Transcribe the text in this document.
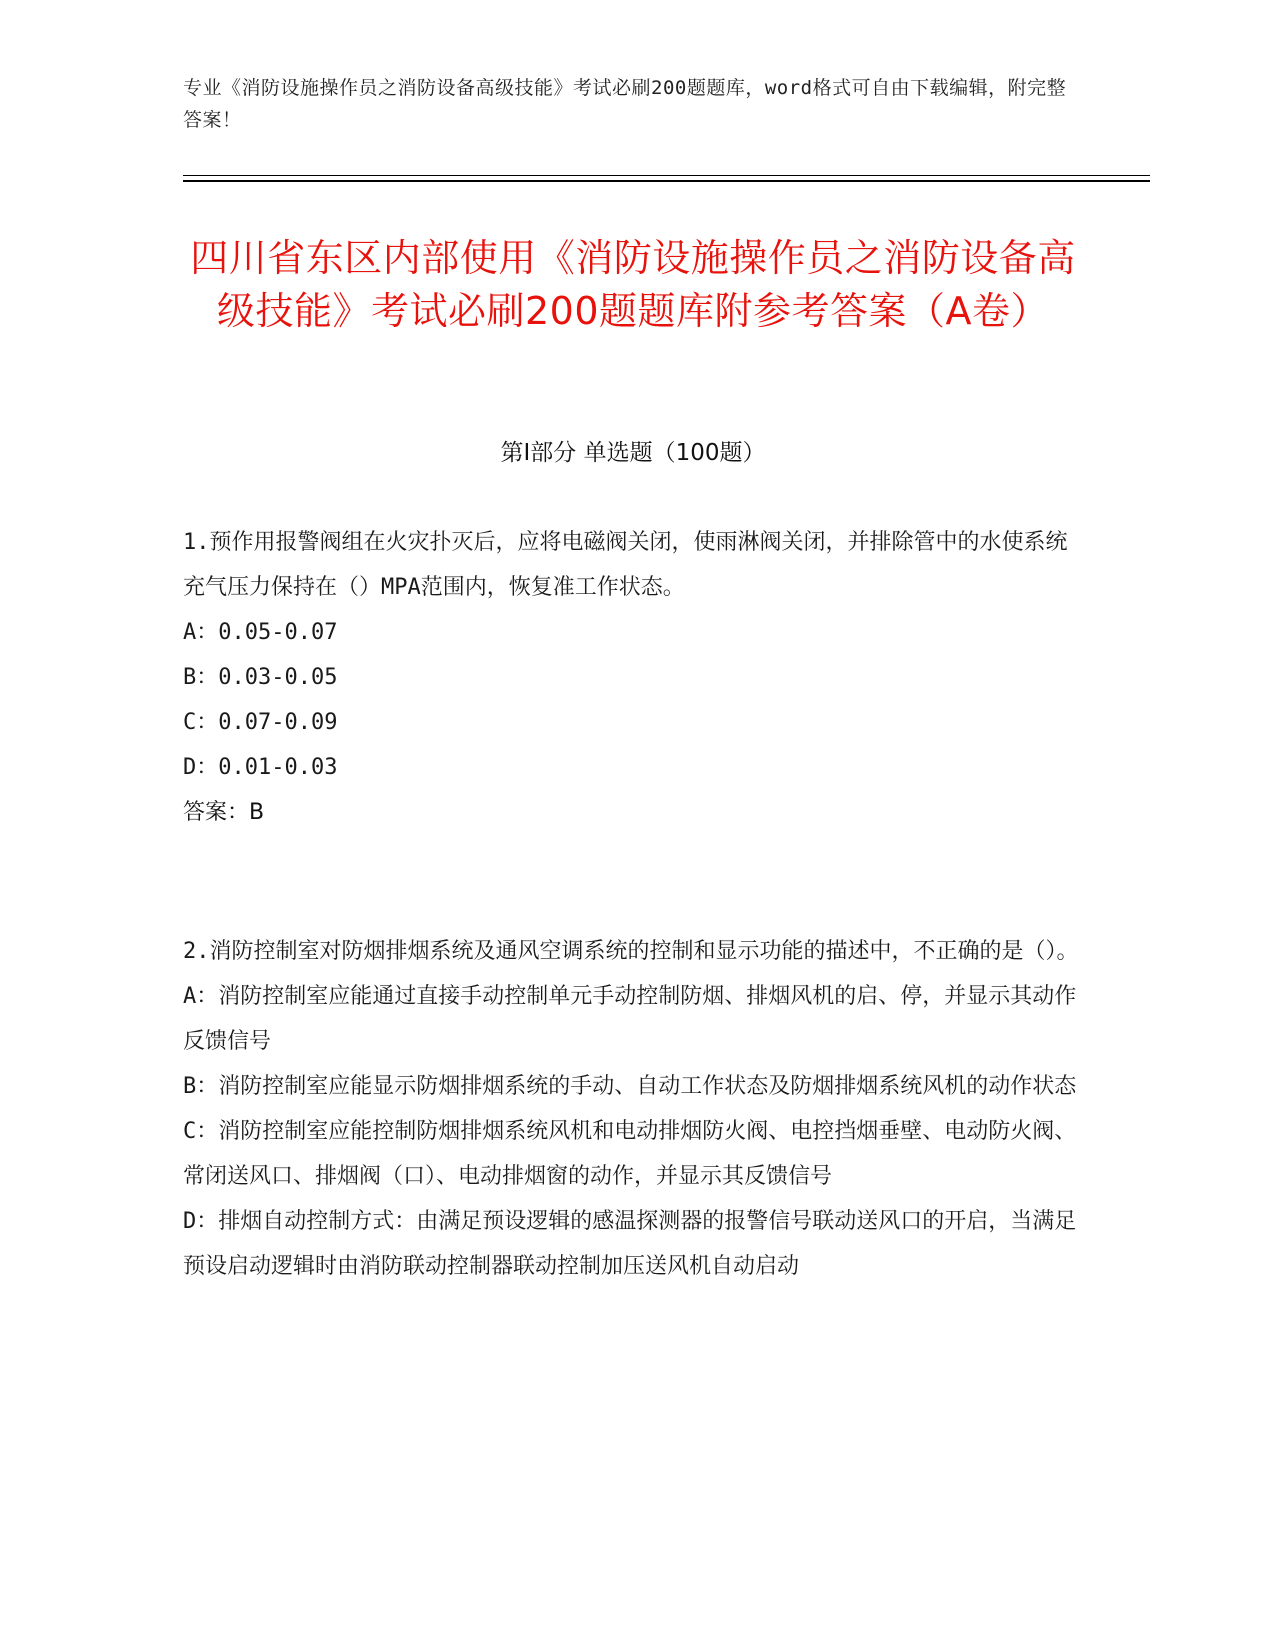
专业《消防设施操作员之消防设备高级技能》考试必刷200题题库，word格式可自由下载编辑，附完整答案！
四川省东区内部使用《消防设施操作员之消防设备高级技能》考试必刷200题题库附参考答案（A卷）
第Ⅰ部分 单选题（100题）

1.预作用报警阀组在火灾扑灭后，应将电磁阀关闭，使雨淋阀关闭，并排除管中的水使系统充气压力保持在（）MPA范围内，恢复准工作状态。

A：0.05-0.07

B：0.03-0.05

C：0.07-0.09

D：0.01-0.03

答案：B

2.消防控制室对防烟排烟系统及通风空调系统的控制和显示功能的描述中，不正确的是（）。

A：消防控制室应能通过直接手动控制单元手动控制防烟、排烟风机的启、停，并显示其动作反馈信号

B：消防控制室应能显示防烟排烟系统的手动、自动工作状态及防烟排烟系统风机的动作状态

C：消防控制室应能控制防烟排烟系统风机和电动排烟防火阀、电控挡烟垂壁、电动防火阀、常闭送风口、排烟阀（口）、电动排烟窗的动作，并显示其反馈信号

D：排烟自动控制方式：由满足预设逻辑的感温探测器的报警信号联动送风口的开启，当满足预设启动逻辑时由消防联动控制器联动控制加压送风机自动启动
